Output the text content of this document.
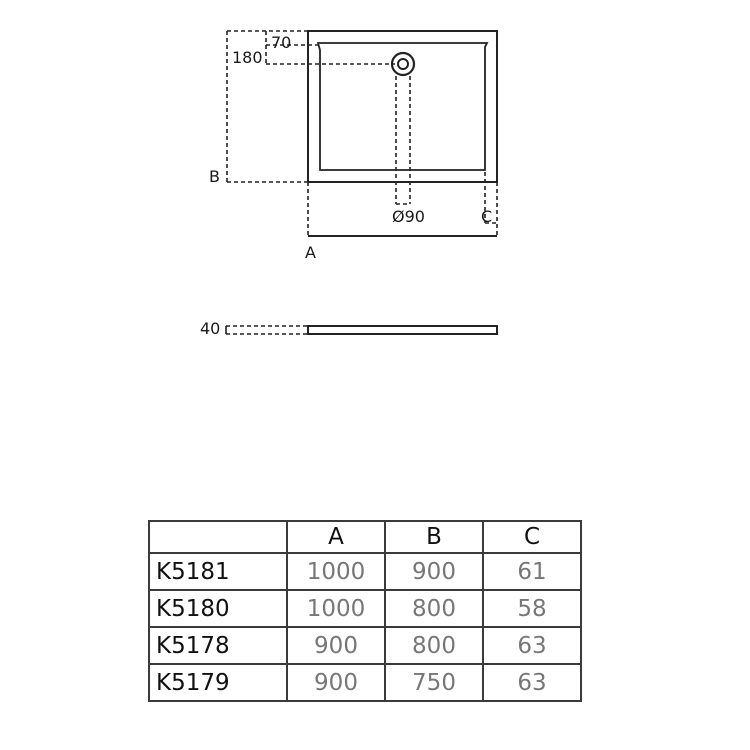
70
180
B
Ø90	C
A
40
	A	B	C
K5181	1000	900	61
K5180	1000	800	58
K5178	900	800	63
K5179	900	750	63
